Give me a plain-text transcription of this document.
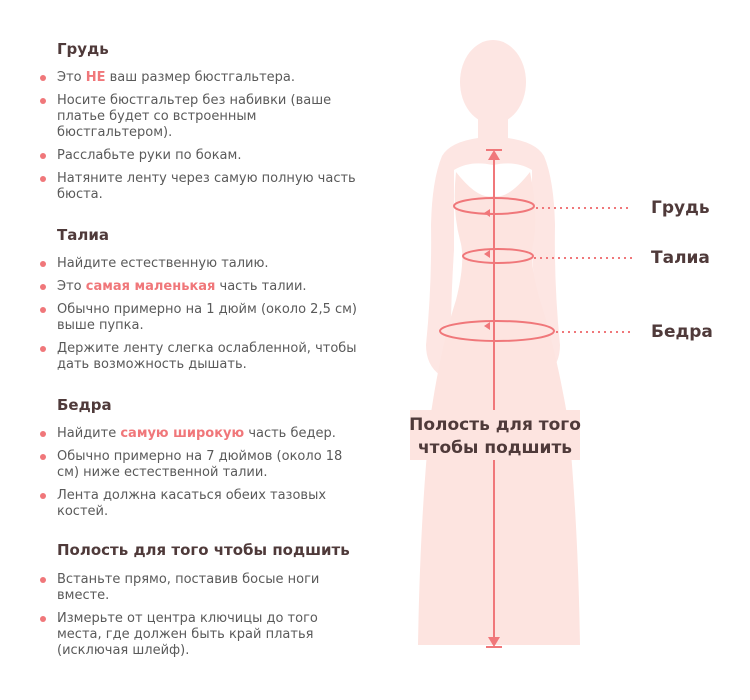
Грудь
Это НЕ ваш размер бюстгальтера.
Носите бюстгальтер без набивки (ваше платье будет со встроенным бюстгальтером).
Расслабьте руки по бокам.
Натяните ленту через самую полную часть бюста.
Талиа
Найдите естественную талию.
Это самая маленькая часть талии.
Обычно примерно на 1 дюйм (около 2,5 см) выше пупка.
Держите ленту слегка ослабленной, чтобы дать возможность дышать.
Бедра
Найдите самую широкую часть бедер.
Обычно примерно на 7 дюймов (около 18 см) ниже естественной талии.
Лента должна касаться обеих тазовых костей.
Полость для того чтобы подшить
Встаньте прямо, поставив босые ноги вместе.
Измерьте от центра ключицы до того места, где должен быть край платья (исключая шлейф).
Грудь
Талиа
Бедра
Полость для того
чтобы подшить
